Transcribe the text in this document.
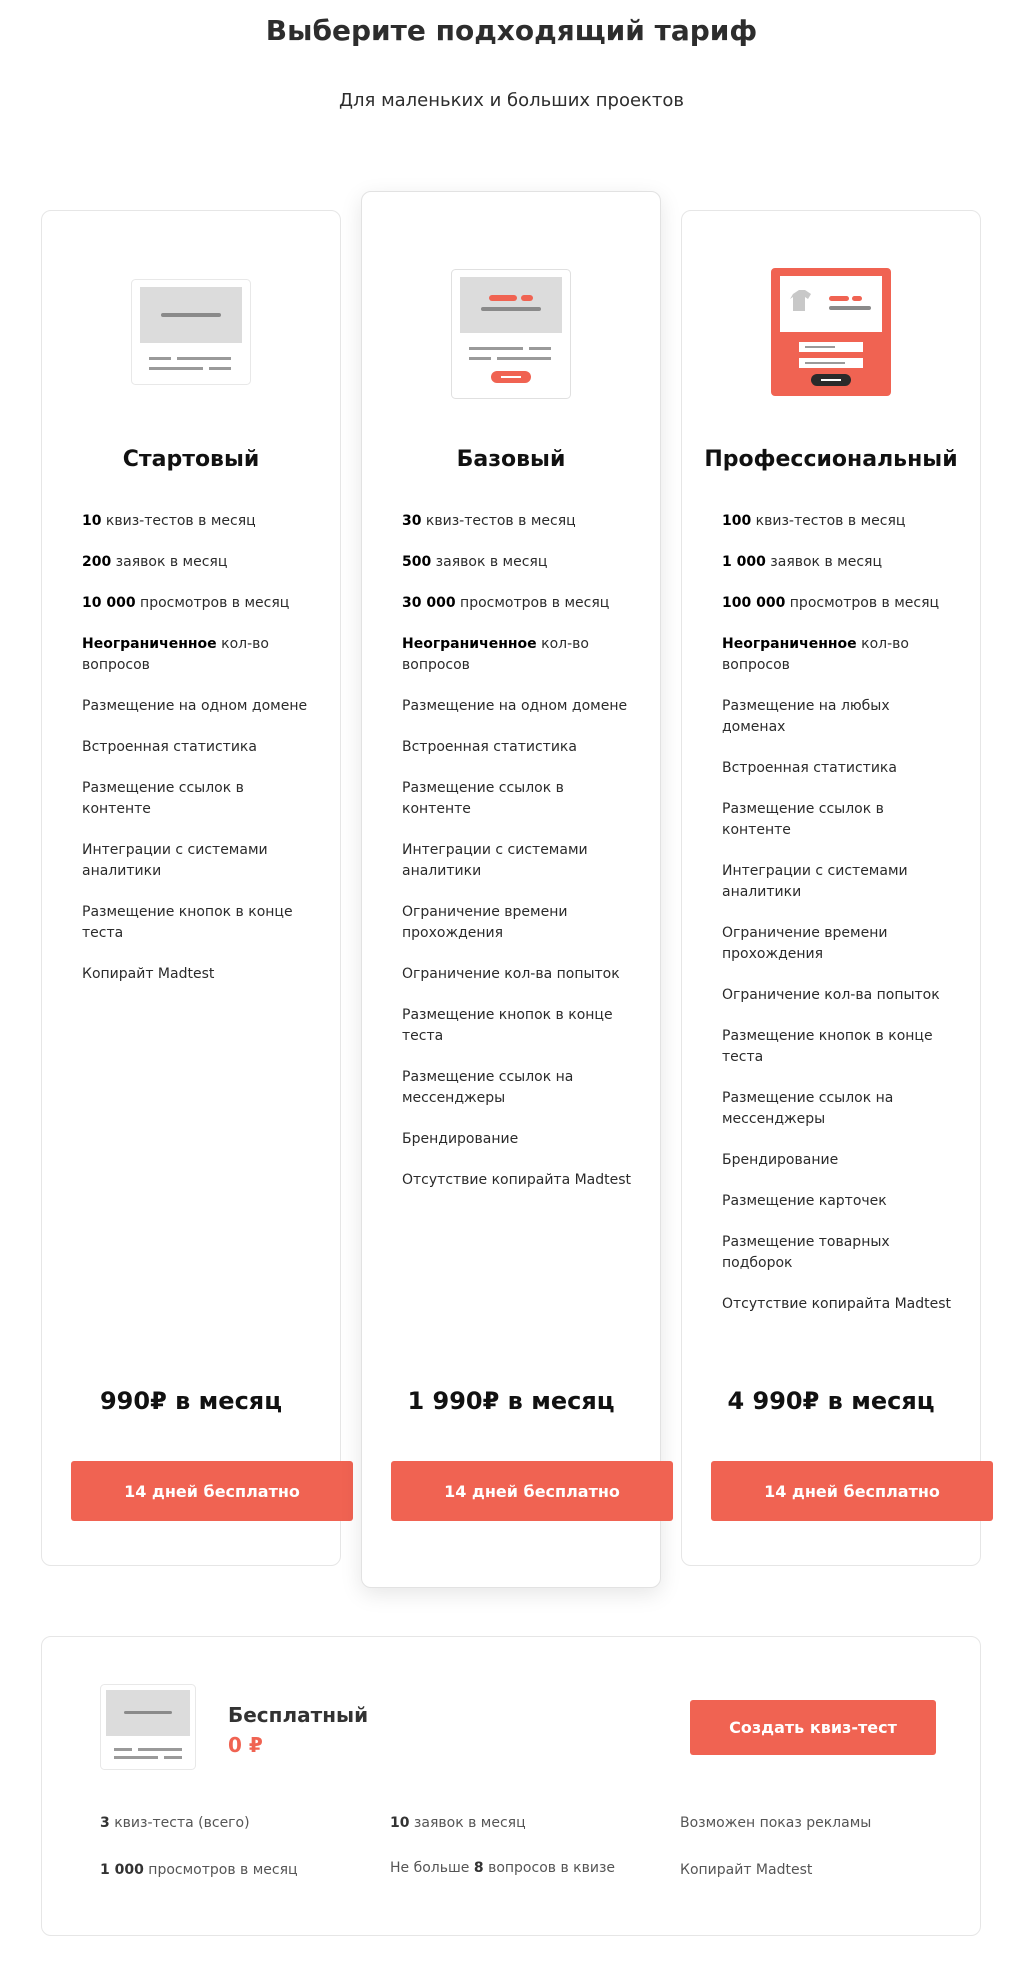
Выберите подходящий тариф
Для маленьких и больших проектов
Стартовый
10 квиз-тестов в месяц
200 заявок в месяц
10 000 просмотров в месяц
Неограниченное кол-во вопросов
Размещение на одном домене
Встроенная статистика
Размещение ссылок в контенте
Интеграции с системами аналитики
Размещение кнопок в конце теста
Копирайт Madtest
990₽ в месяц
14 дней бесплатно
Базовый
30 квиз-тестов в месяц
500 заявок в месяц
30 000 просмотров в месяц
Неограниченное кол-во вопросов
Размещение на одном домене
Встроенная статистика
Размещение ссылок в контенте
Интеграции с системами аналитики
Ограничение времени прохождения
Ограничение кол-ва попыток
Размещение кнопок в конце теста
Размещение ссылок на мессенджеры
Брендирование
Отсутствие копирайта Madtest
1 990₽ в месяц
14 дней бесплатно
Профессиональный
100 квиз-тестов в месяц
1 000 заявок в месяц
100 000 просмотров в месяц
Неограниченное кол-во вопросов
Размещение на любых доменах
Встроенная статистика
Размещение ссылок в контенте
Интеграции с системами аналитики
Ограничение времени прохождения
Ограничение кол-ва попыток
Размещение кнопок в конце теста
Размещение ссылок на мессенджеры
Брендирование
Размещение карточек
Размещение товарных подборок
Отсутствие копирайта Madtest
4 990₽ в месяц
14 дней бесплатно
Бесплатный
0 ₽
Создать квиз-тест
3 квиз-теста (всего)	10 заявок в месяц	Возможен показ рекламы
1 000 просмотров в месяц	Не больше 8 вопросов в квизе	Копирайт Madtest
